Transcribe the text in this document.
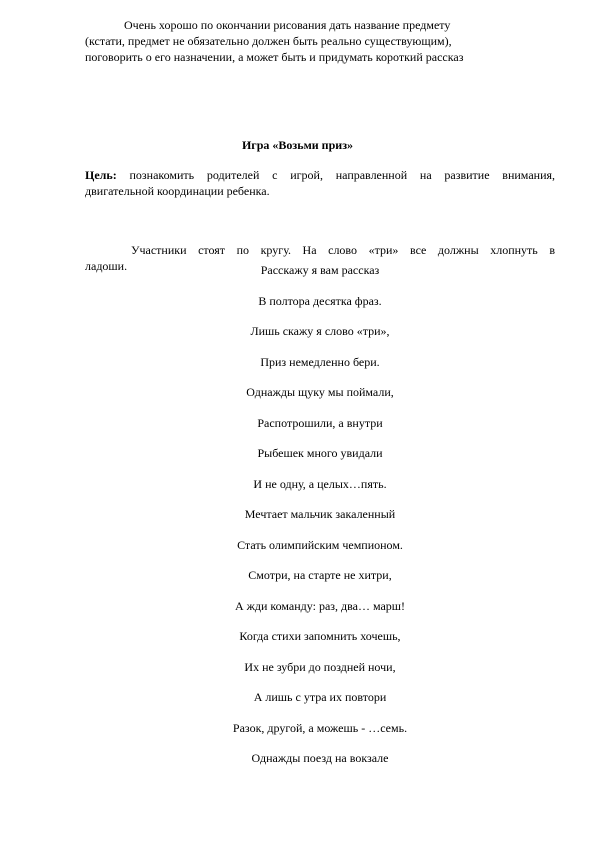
Очень хорошо по окончании рисования дать название предмету
(кстати, предмет не обязательно должен быть реально существующим),
поговорить о его назначении, а может быть и придумать короткий рассказ
Игра «Возьми приз»
Цель: познакомить родителей с игрой, направленной на развитие внимания,
двигательной координации ребенка.
Участники стоят по кругу. На слово «три» все должны хлопнуть в
ладоши.	Расскажу я вам рассказ
В полтора десятка фраз.
Лишь скажу я слово «три»,
Приз немедленно бери.
Однажды щуку мы поймали,
Распотрошили, а внутри
Рыбешек много увидали
И не одну, а целых…пять.
Мечтает мальчик закаленный
Стать олимпийским чемпионом.
Смотри, на старте не хитри,
А жди команду: раз, два… марш!
Когда стихи запомнить хочешь,
Их не зубри до поздней ночи,
А лишь с утра их повтори
Разок, другой, а можешь - …семь.
Однажды поезд на вокзале
